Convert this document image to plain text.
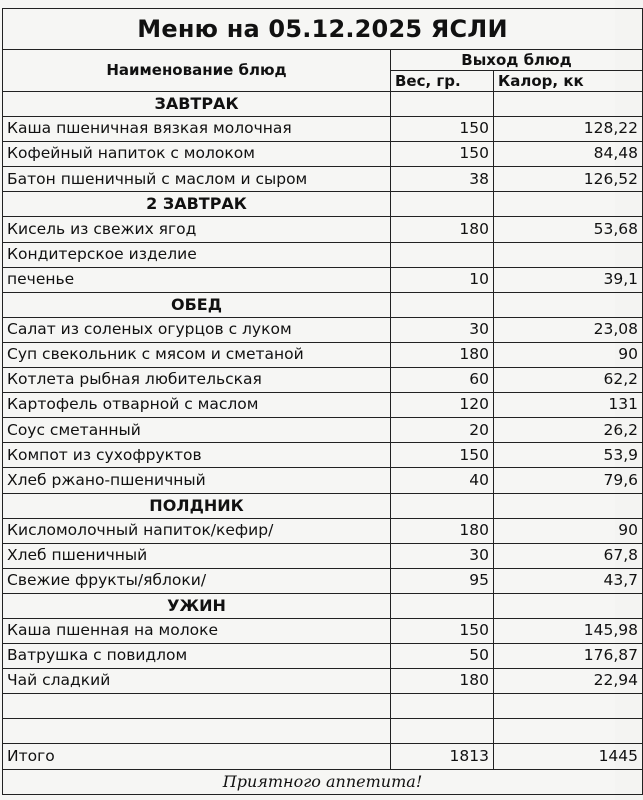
Меню на 05.12.2025 ЯСЛИ		
Наименование блюд	Выход блюд	
	Вес, гр.	Калор, кк
ЗАВТРАК		
Каша пшеничная вязкая молочная	150	128,22
Кофейный напиток с молоком	150	84,48
Батон пшеничный с маслом и сыром	38	126,52
2 ЗАВТРАК		
Кисель из свежих ягод	180	53,68
Кондитерское изделие		
печенье	10	39,1
ОБЕД		
Салат из соленых огурцов с луком	30	23,08
Суп свекольник с мясом и сметаной	180	90
Котлета рыбная любительская	60	62,2
Картофель отварной с маслом	120	131
Соус сметанный	20	26,2
Компот из сухофруктов	150	53,9
Хлеб ржано-пшеничный	40	79,6
ПОЛДНИК		
Кисломолочный напиток/кефир/	180	90
Хлеб пшеничный	30	67,8
Свежие фрукты/яблоки/	95	43,7
УЖИН		
Каша пшенная на молоке	150	145,98
Ватрушка с повидлом	50	176,87
Чай сладкий	180	22,94

Итого	1813	1445
Приятного аппетита!		
